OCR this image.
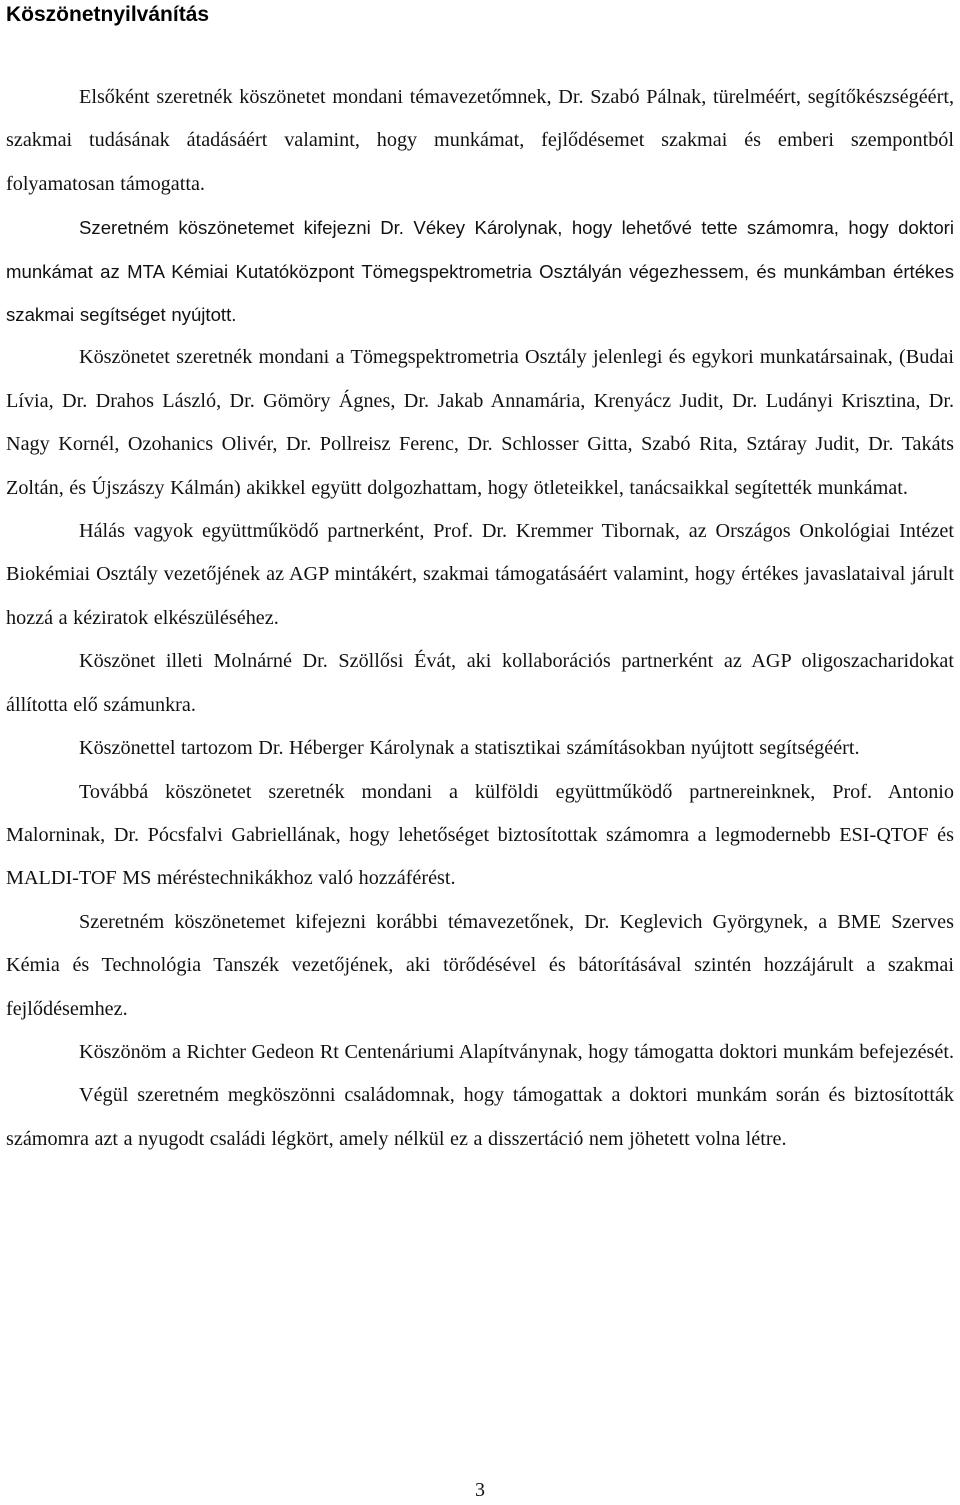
Köszönetnyilvánítás

Elsőként szeretnék köszönetet mondani témavezetőmnek, Dr. Szabó Pálnak, türelméért, segítőkészségéért, szakmai tudásának átadásáért valamint, hogy munkámat, fejlődésemet szakmai és emberi szempontból folyamatosan támogatta.

Szeretném köszönetemet kifejezni Dr. Vékey Károlynak, hogy lehetővé tette számomra, hogy doktori munkámat az MTA Kémiai Kutatóközpont Tömegspektrometria Osztályán végezhessem, és munkámban értékes szakmai segítséget nyújtott.

Köszönetet szeretnék mondani a Tömegspektrometria Osztály jelenlegi és egykori munkatársainak, (Budai Lívia, Dr. Drahos László, Dr. Gömöry Ágnes, Dr. Jakab Annamária, Krenyácz Judit, Dr. Ludányi Krisztina, Dr. Nagy Kornél, Ozohanics Olivér, Dr. Pollreisz Ferenc, Dr. Schlosser Gitta, Szabó Rita, Sztáray Judit, Dr. Takáts Zoltán, és Újszászy Kálmán) akikkel együtt dolgozhattam, hogy ötleteikkel, tanácsaikkal segítették munkámat.

Hálás vagyok együttműködő partnerként, Prof. Dr. Kremmer Tibornak, az Országos Onkológiai Intézet Biokémiai Osztály vezetőjének az AGP mintákért, szakmai támogatásáért valamint, hogy értékes javaslataival járult hozzá a kéziratok elkészüléséhez.

Köszönet illeti Molnárné Dr. Szöllősi Évát, aki kollaborációs partnerként az AGP oligoszacharidokat állította elő számunkra.

Köszönettel tartozom Dr. Héberger Károlynak a statisztikai számításokban nyújtott segítségéért.

Továbbá köszönetet szeretnék mondani a külföldi együttműködő partnereinknek, Prof. Antonio Malorninak, Dr. Pócsfalvi Gabriellának, hogy lehetőséget biztosítottak számomra a legmodernebb ESI-QTOF és MALDI-TOF MS méréstechnikákhoz való hozzáférést.

Szeretném köszönetemet kifejezni korábbi témavezetőnek, Dr. Keglevich Györgynek, a BME Szerves Kémia és Technológia Tanszék vezetőjének, aki törődésével és bátorításával szintén hozzájárult a szakmai fejlődésemhez.

Köszönöm a Richter Gedeon Rt Centenáriumi Alapítványnak, hogy támogatta doktori munkám befejezését.

Végül szeretném megköszönni családomnak, hogy támogattak a doktori munkám során és biztosították számomra azt a nyugodt családi légkört, amely nélkül ez a disszertáció nem jöhetett volna létre.

3
